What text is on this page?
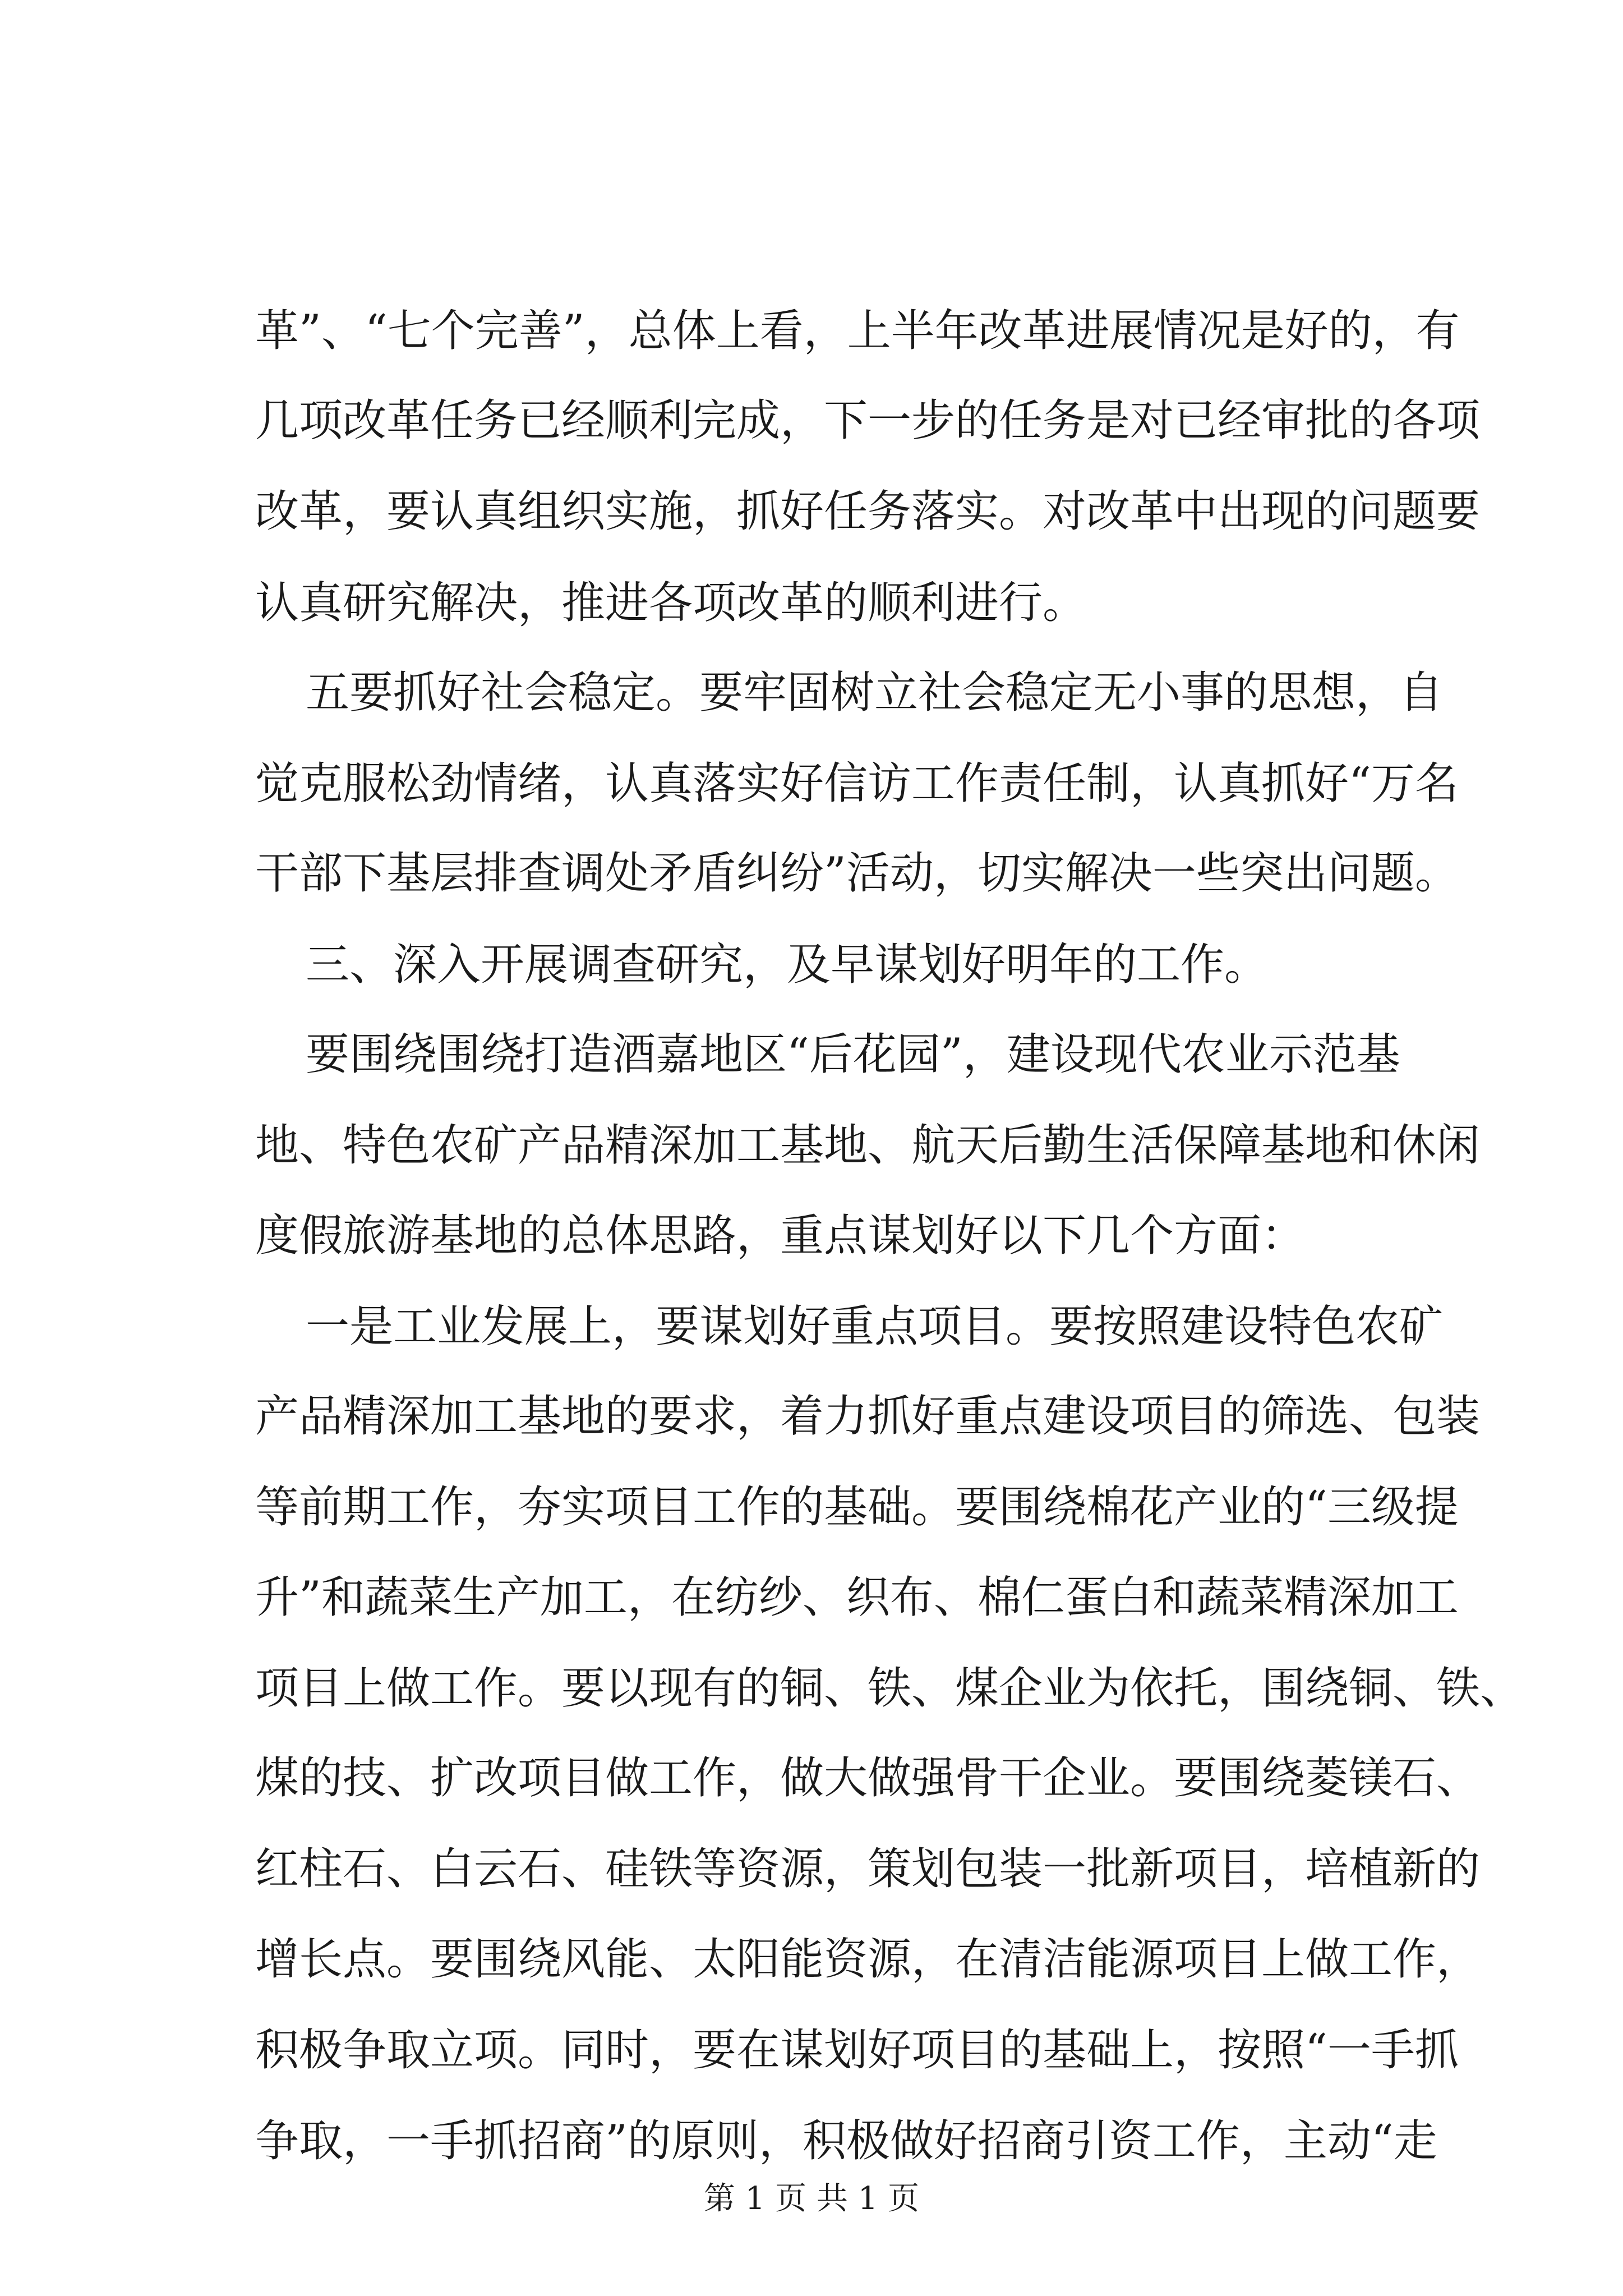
革”、“七个完善”，总体上看，上半年改革进展情况是好的，有
几项改革任务已经顺利完成，下一步的任务是对已经审批的各项
改革，要认真组织实施，抓好任务落实。对改革中出现的问题要
认真研究解决，推进各项改革的顺利进行。
五要抓好社会稳定。要牢固树立社会稳定无小事的思想，自
觉克服松劲情绪，认真落实好信访工作责任制，认真抓好“万名
干部下基层排查调处矛盾纠纷”活动，切实解决一些突出问题。
三、深入开展调查研究，及早谋划好明年的工作。
要围绕围绕打造酒嘉地区“后花园”，建设现代农业示范基
地、特色农矿产品精深加工基地、航天后勤生活保障基地和休闲
度假旅游基地的总体思路，重点谋划好以下几个方面：
一是工业发展上，要谋划好重点项目。要按照建设特色农矿
产品精深加工基地的要求，着力抓好重点建设项目的筛选、包装
等前期工作，夯实项目工作的基础。要围绕棉花产业的“三级提
升”和蔬菜生产加工，在纺纱、织布、棉仁蛋白和蔬菜精深加工
项目上做工作。要以现有的铜、铁、煤企业为依托，围绕铜、铁、
煤的技、扩改项目做工作，做大做强骨干企业。要围绕菱镁石、
红柱石、白云石、硅铁等资源，策划包装一批新项目，培植新的
增长点。要围绕风能、太阳能资源，在清洁能源项目上做工作，
积极争取立项。同时，要在谋划好项目的基础上，按照“一手抓
争取，一手抓招商”的原则，积极做好招商引资工作，主动“走
第 1 页 共 1 页
